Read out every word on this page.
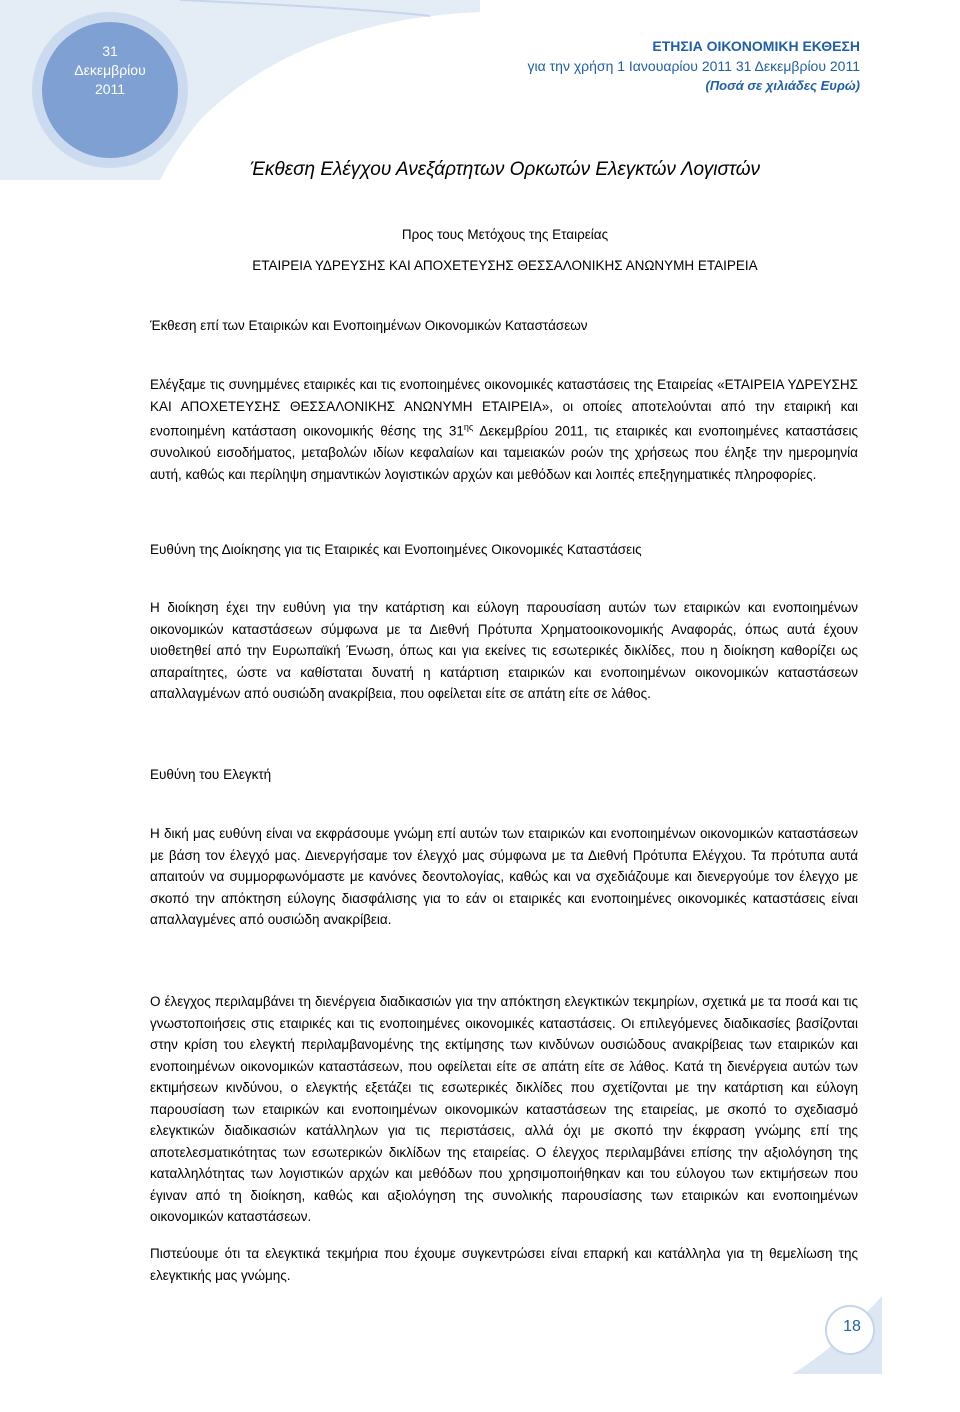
31
Δεκεμβρίου
2011
ΕΤΗΣΙΑ ΟΙΚΟΝΟΜΙΚΗ ΕΚΘΕΣΗ
για την χρήση 1 Ιανουαρίου 2011 31 Δεκεμβρίου 2011
(Ποσά σε χιλιάδες Ευρώ)
Έκθεση Ελέγχου Ανεξάρτητων Ορκωτών Ελεγκτών Λογιστών
Προς τους Μετόχους της Εταιρείας
ΕΤΑΙΡΕΙΑ ΥΔΡΕΥΣΗΣ ΚΑΙ ΑΠΟΧΕΤΕΥΣΗΣ ΘΕΣΣΑΛΟΝΙΚΗΣ ΑΝΩΝΥΜΗ ΕΤΑΙΡΕΙΑ
Έκθεση επί των Εταιρικών και Ενοποιημένων Οικονομικών Καταστάσεων

Ελέγξαμε τις συνημμένες εταιρικές και τις ενοποιημένες οικονομικές καταστάσεις της Εταιρείας «ΕΤΑΙΡΕΙΑ ΥΔΡΕΥΣΗΣ ΚΑΙ ΑΠΟΧΕΤΕΥΣΗΣ ΘΕΣΣΑΛΟΝΙΚΗΣ ΑΝΩΝΥΜΗ ΕΤΑΙΡΕΙΑ», οι οποίες αποτελούνται από την εταιρική και ενοποιημένη κατάσταση οικονομικής θέσης της $31^{\eta\varsigma}$ Δεκεμβρίου 2011, τις εταιρικές και ενοποιημένες καταστάσεις συνολικού εισοδήματος, μεταβολών ιδίων κεφαλαίων και ταμειακών ροών της χρήσεως που έληξε την ημερομηνία αυτή, καθώς και περίληψη σημαντικών λογιστικών αρχών και μεθόδων και λοιπές επεξηγηματικές πληροφορίες.

Ευθύνη της Διοίκησης για τις Εταιρικές και Ενοποιημένες Οικονομικές Καταστάσεις

Η διοίκηση έχει την ευθύνη για την κατάρτιση και εύλογη παρουσίαση αυτών των εταιρικών και ενοποιημένων οικονομικών καταστάσεων σύμφωνα με τα Διεθνή Πρότυπα Χρηματοοικονομικής Αναφοράς, όπως αυτά έχουν υιοθετηθεί από την Ευρωπαϊκή Ένωση, όπως και για εκείνες τις εσωτερικές δικλίδες, που η διοίκηση καθορίζει ως απαραίτητες, ώστε να καθίσταται δυνατή η κατάρτιση εταιρικών και ενοποιημένων οικονομικών καταστάσεων απαλλαγμένων από ουσιώδη ανακρίβεια, που οφείλεται είτε σε απάτη είτε σε λάθος.

Ευθύνη του Ελεγκτή

Η δική μας ευθύνη είναι να εκφράσουμε γνώμη επί αυτών των εταιρικών και ενοποιημένων οικονομικών καταστάσεων με βάση τον έλεγχό μας. Διενεργήσαμε τον έλεγχό μας σύμφωνα με τα Διεθνή Πρότυπα Ελέγχου. Τα πρότυπα αυτά απαιτούν να συμμορφωνόμαστε με κανόνες δεοντολογίας, καθώς και να σχεδιάζουμε και διενεργούμε τον έλεγχο με σκοπό την απόκτηση εύλογης διασφάλισης για το εάν οι εταιρικές και ενοποιημένες οικονομικές καταστάσεις είναι απαλλαγμένες από ουσιώδη ανακρίβεια.

Ο έλεγχος περιλαμβάνει τη διενέργεια διαδικασιών για την απόκτηση ελεγκτικών τεκμηρίων, σχετικά με τα ποσά και τις γνωστοποιήσεις στις εταιρικές και τις ενοποιημένες οικονομικές καταστάσεις. Οι επιλεγόμενες διαδικασίες βασίζονται στην κρίση του ελεγκτή περιλαμβανομένης της εκτίμησης των κινδύνων ουσιώδους ανακρίβειας των εταιρικών και ενοποιημένων οικονομικών καταστάσεων, που οφείλεται είτε σε απάτη είτε σε λάθος. Κατά τη διενέργεια αυτών των εκτιμήσεων κινδύνου, ο ελεγκτής εξετάζει τις εσωτερικές δικλίδες που σχετίζονται με την κατάρτιση και εύλογη παρουσίαση των εταιρικών και ενοποιημένων οικονομικών καταστάσεων της εταιρείας, με σκοπό το σχεδιασμό ελεγκτικών διαδικασιών κατάλληλων για τις περιστάσεις, αλλά όχι με σκοπό την έκφραση γνώμης επί της αποτελεσματικότητας των εσωτερικών δικλίδων της εταιρείας. Ο έλεγχος περιλαμβάνει επίσης την αξιολόγηση της καταλληλότητας των λογιστικών αρχών και μεθόδων που χρησιμοποιήθηκαν και του εύλογου των εκτιμήσεων που έγιναν από τη διοίκηση, καθώς και αξιολόγηση της συνολικής παρουσίασης των εταιρικών και ενοποιημένων οικονομικών καταστάσεων.

Πιστεύουμε ότι τα ελεγκτικά τεκμήρια που έχουμε συγκεντρώσει είναι επαρκή και κατάλληλα για τη θεμελίωση της ελεγκτικής μας γνώμης.

18
